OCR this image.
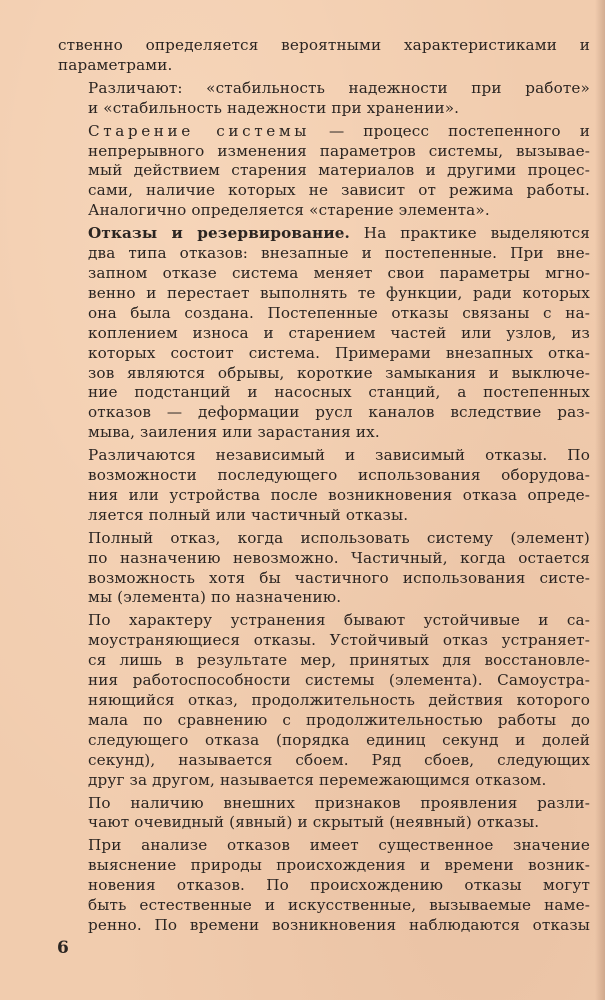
ственно определяется вероятными характеристиками и
параметрами.

Различают: «стабильность надежности при работе»
и «стабильность надежности при хранении».

Старение системы — процесс постепенного и
непрерывного изменения параметров системы, вызывае-
мый действием старения материалов и другими процес-
сами, наличие которых не зависит от режима работы.
Аналогично определяется «старение элемента».

Отказы и резервирование. На практике выделяются
два типа отказов: внезапные и постепенные. При вне-
запном отказе система меняет свои параметры мгно-
венно и перестает выполнять те функции, ради которых
она была создана. Постепенные отказы связаны с на-
коплением износа и старением частей или узлов, из
которых состоит система. Примерами внезапных отка-
зов являются обрывы, короткие замыкания и выключе-
ние подстанций и насосных станций, а постепенных
отказов — деформации русл каналов вследствие раз-
мыва, заиления или зарастания их.

Различаются независимый и зависимый отказы. По
возможности последующего использования оборудова-
ния или устройства после возникновения отказа опреде-
ляется полный или частичный отказы.

Полный отказ, когда использовать систему (элемент)
по назначению невозможно. Частичный, когда остается
возможность хотя бы частичного использования систе-
мы (элемента) по назначению.

По характеру устранения бывают устойчивые и са-
моустраняющиеся отказы. Устойчивый отказ устраняет-
ся лишь в результате мер, принятых для восстановле-
ния работоспособности системы (элемента). Самоустра-
няющийся отказ, продолжительность действия которого
мала по сравнению с продолжительностью работы до
следующего отказа (порядка единиц секунд и долей
секунд), называется сбоем. Ряд сбоев, следующих
друг за другом, называется перемежающимся отказом.

По наличию внешних признаков проявления разли-
чают очевидный (явный) и скрытый (неявный) отказы.

При анализе отказов имеет существенное значение
выяснение природы происхождения и времени возник-
новения отказов. По происхождению отказы могут
быть естественные и искусственные, вызываемые наме-
ренно. По времени возникновения наблюдаются отказы

6
